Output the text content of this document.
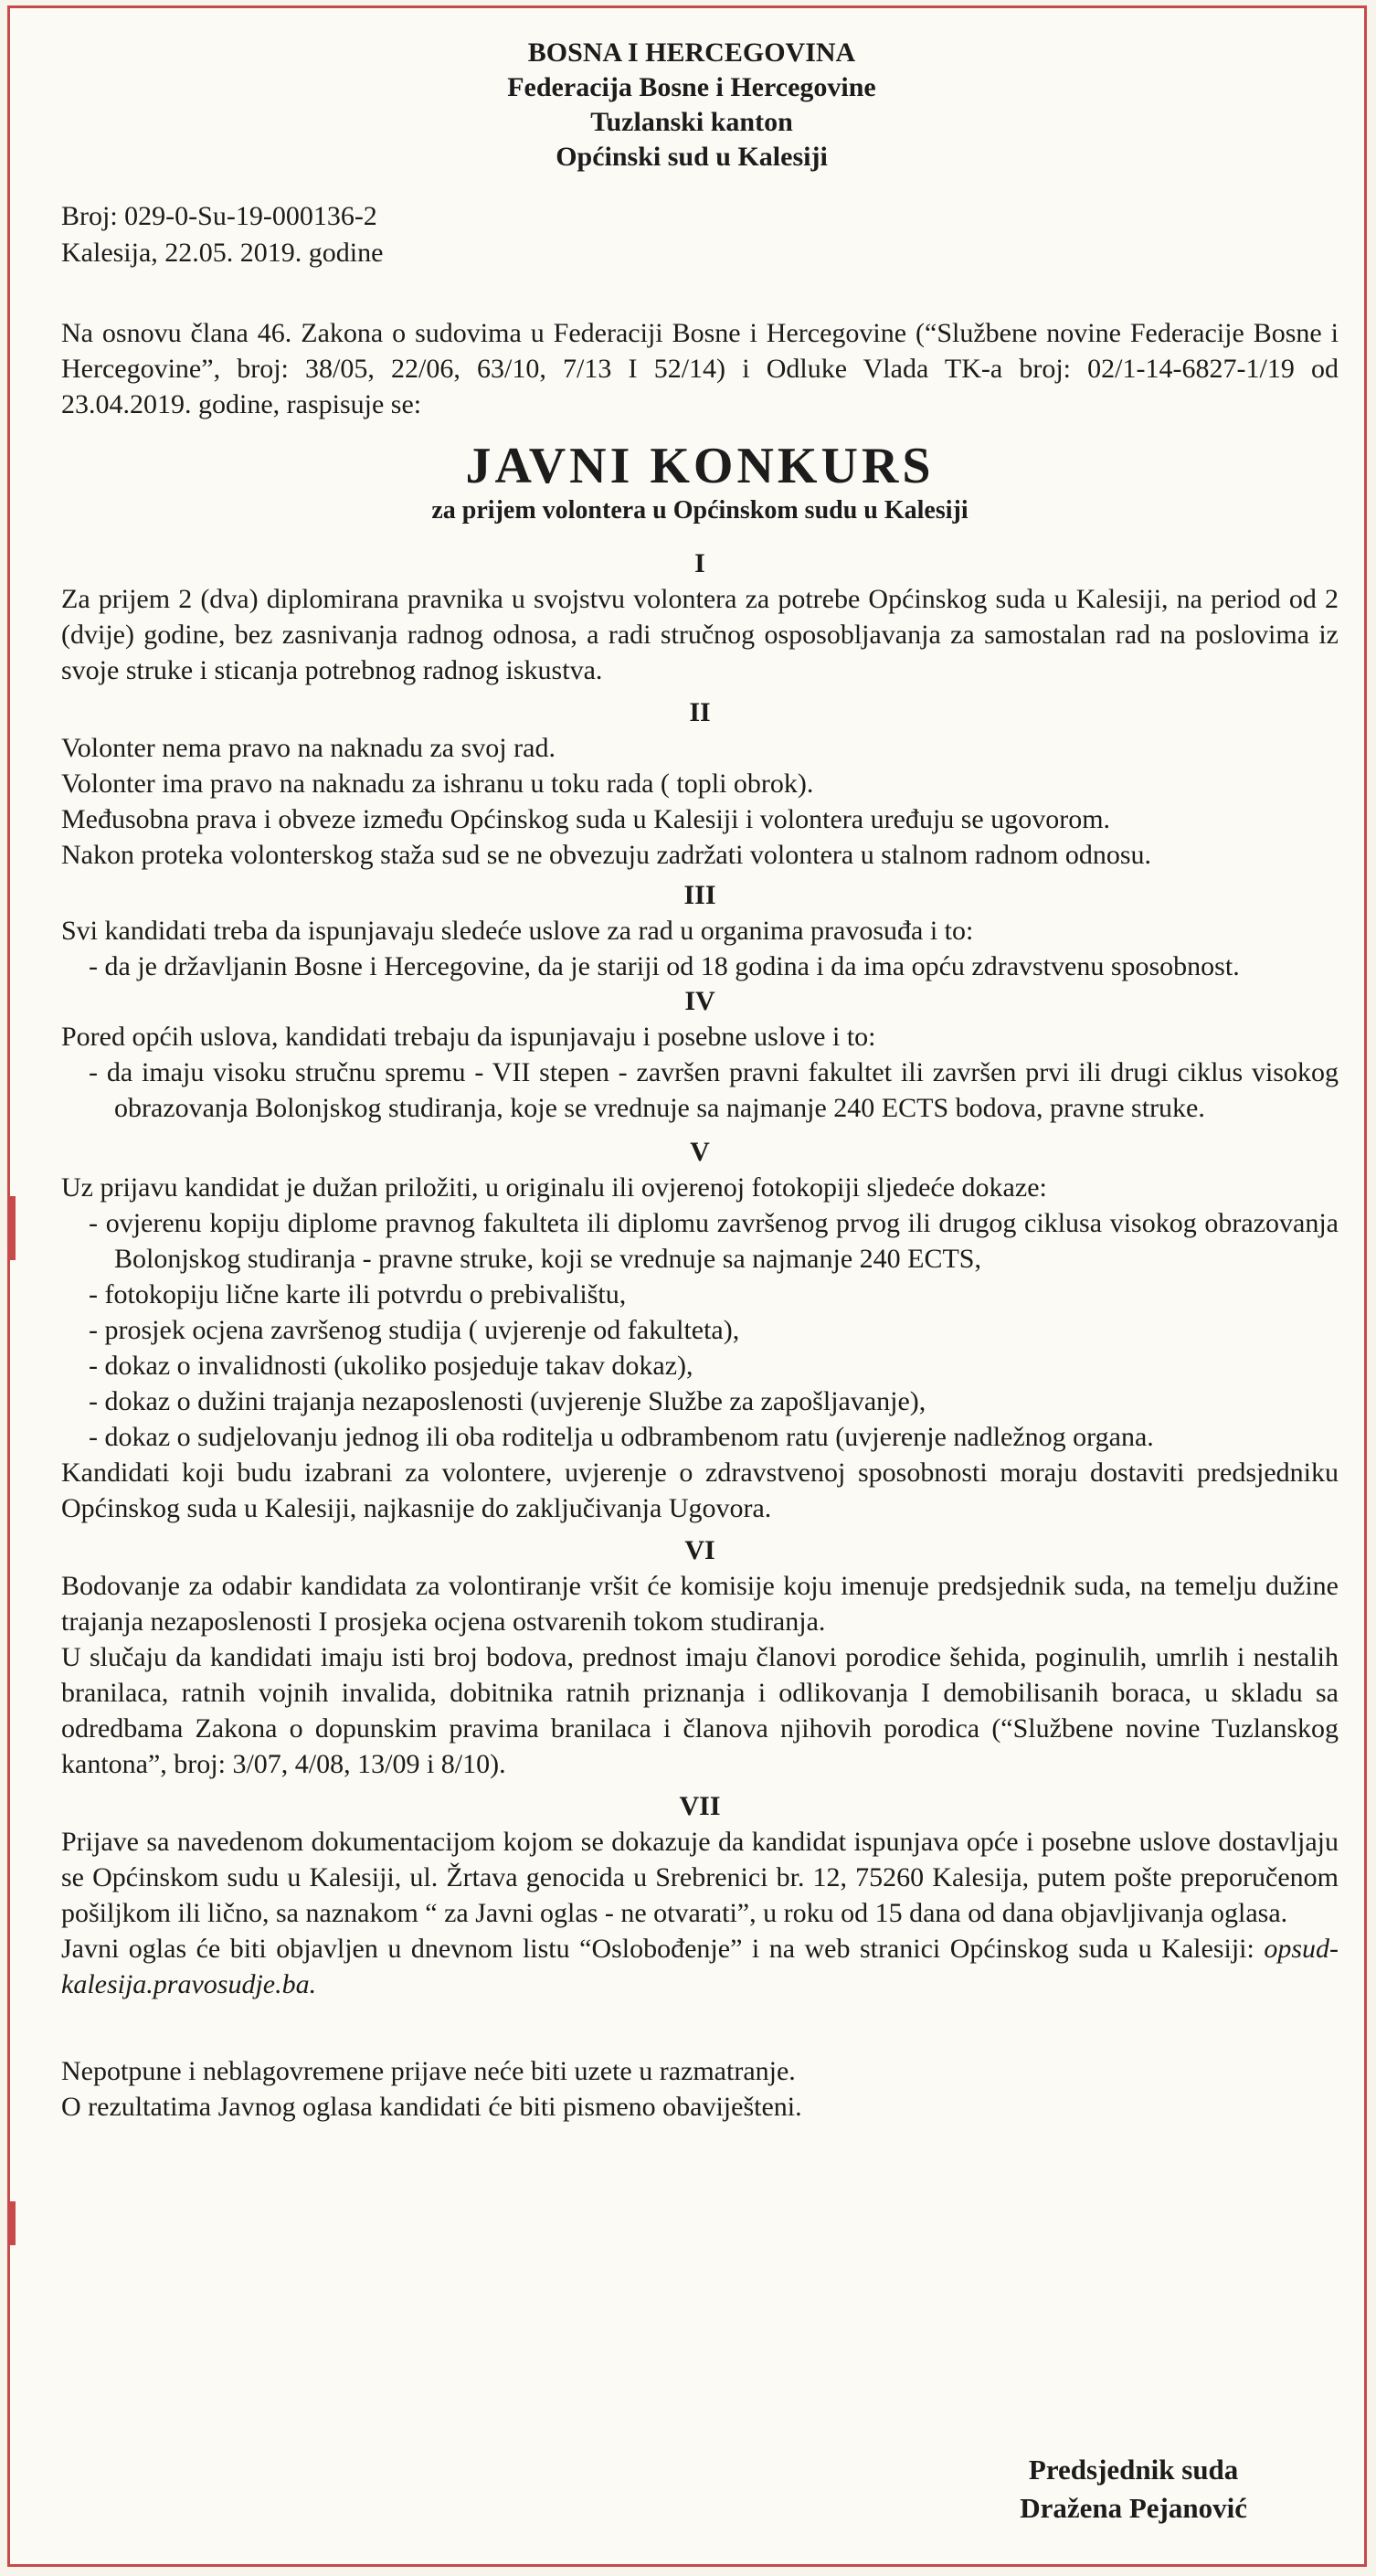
BOSNA I HERCEGOVINA
Federacija Bosne i Hercegovine
Tuzlanski kanton
Općinski sud u Kalesiji
Broj: 029-0-Su-19-000136-2
Kalesija, 22.05. 2019. godine

Na osnovu člana 46. Zakona o sudovima u Federaciji Bosne i Hercegovine (“Službene novine Federacije Bosne i Hercegovine”, broj: 38/05, 22/06, 63/10, 7/13 I 52/14) i Odluke Vlada TK-a broj: 02/1-14-6827-1/19 od 23.04.2019. godine, raspisuje se:

JAVNI KONKURS

za prijem volontera u Općinskom sudu u Kalesiji

I

Za prijem 2 (dva) diplomirana pravnika u svojstvu volontera za potrebe Općinskog suda u Kalesiji, na period od 2 (dvije) godine, bez zasnivanja radnog odnosa, a radi stručnog osposobljavanja za samostalan rad na poslovima iz svoje struke i sticanja potrebnog radnog iskustva.

II

Volonter nema pravo na naknadu za svoj rad.

Volonter ima pravo na naknadu za ishranu u toku rada ( topli obrok).

Međusobna prava i obveze između Općinskog suda u Kalesiji i volontera uređuju se ugovorom.

Nakon proteka volonterskog staža sud se ne obvezuju zadržati volontera u stalnom radnom odnosu.

III

Svi kandidati treba da ispunjavaju sledeće uslove za rad u organima pravosuđa i to:

- da je državljanin Bosne i Hercegovine, da je stariji od 18 godina i da ima opću zdravstvenu sposobnost.
IV

Pored općih uslova, kandidati trebaju da ispunjavaju i posebne uslove i to:

- da imaju visoku stručnu spremu - VII stepen - završen pravni fakultet ili završen prvi ili drugi ciklus visokog obrazovanja Bolonjskog studiranja, koje se vrednuje sa najmanje 240 ECTS bodova, pravne struke.
V

Uz prijavu kandidat je dužan priložiti, u originalu ili ovjerenoj fotokopiji sljedeće dokaze:

- ovjerenu kopiju diplome pravnog fakulteta ili diplomu završenog prvog ili drugog ciklusa visokog obrazovanja Bolonjskog studiranja - pravne struke, koji se vrednuje sa najmanje 240 ECTS,
- fotokopiju lične karte ili potvrdu o prebivalištu,
- prosjek ocjena završenog studija ( uvjerenje od fakulteta),
- dokaz o invalidnosti (ukoliko posjeduje takav dokaz),
- dokaz o dužini trajanja nezaposlenosti (uvjerenje Službe za zapošljavanje),
- dokaz o sudjelovanju jednog ili oba roditelja u odbrambenom ratu (uvjerenje nadležnog organa.

Kandidati koji budu izabrani za volontere, uvjerenje o zdravstvenoj sposobnosti moraju dostaviti predsjedniku Općinskog suda u Kalesiji, najkasnije do zaključivanja Ugovora.

VI

Bodovanje za odabir kandidata za volontiranje vršit će komisije koju imenuje predsjednik suda, na temelju dužine trajanja nezaposlenosti I prosjeka ocjena ostvarenih tokom studiranja.

U slučaju da kandidati imaju isti broj bodova, prednost imaju članovi porodice šehida, poginulih, umrlih i nestalih branilaca, ratnih vojnih invalida, dobitnika ratnih priznanja i odlikovanja I demobilisanih boraca, u skladu sa odredbama Zakona o dopunskim pravima branilaca i članova njihovih porodica (“Službene novine Tuzlanskog kantona”, broj: 3/07, 4/08, 13/09 i 8/10).

VII

Prijave sa navedenom dokumentacijom kojom se dokazuje da kandidat ispunjava opće i posebne uslove dostavljaju se Općinskom sudu u Kalesiji, ul. Žrtava genocida u Srebrenici br. 12, 75260 Kalesija, putem pošte preporučenom pošiljkom ili lično, sa naznakom “ za Javni oglas - ne otvarati”, u roku od 15 dana od dana objavljivanja oglasa.

Javni oglas će biti objavljen u dnevnom listu “Oslobođenje” i na web stranici Općinskog suda u Kalesiji: opsud-kalesija.pravosudje.ba.

Nepotpune i neblagovremene prijave neće biti uzete u razmatranje.

O rezultatima Javnog oglasa kandidati će biti pismeno obaviješteni.

Predsjednik suda
Dražena Pejanović
